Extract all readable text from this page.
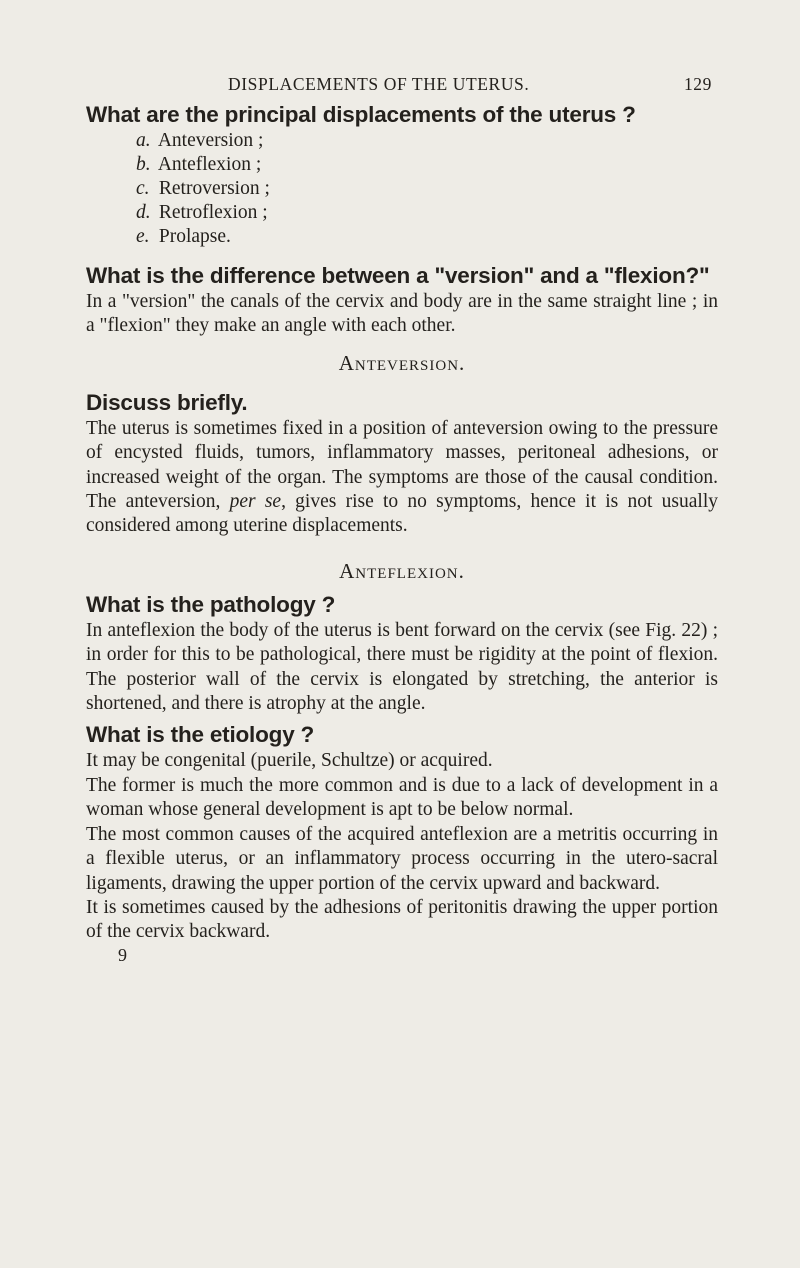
DISPLACEMENTS OF THE UTERUS.	129

What are the principal displacements of the uterus ?

a. Anteversion ;
b. Anteflexion ;
c. Retroversion ;
d. Retroflexion ;
e. Prolapse.

What is the difference between a "version" and a "flexion?"

In a "version" the canals of the cervix and body are in the same straight line ; in a "flexion" they make an angle with each other.

Anteversion.

Discuss briefly.

The uterus is sometimes fixed in a position of anteversion owing to the pressure of encysted fluids, tumors, inflammatory masses, peritoneal adhesions, or increased weight of the organ. The symptoms are those of the causal condition. The anteversion, per se, gives rise to no symptoms, hence it is not usually considered among uterine displacements.

Anteflexion.

What is the pathology ?

In anteflexion the body of the uterus is bent forward on the cervix (see Fig. 22) ; in order for this to be pathological, there must be rigidity at the point of flexion. The posterior wall of the cervix is elongated by stretching, the anterior is shortened, and there is atrophy at the angle.

What is the etiology ?

It may be congenital (puerile, Schultze) or acquired.

The former is much the more common and is due to a lack of development in a woman whose general development is apt to be below normal.

The most common causes of the acquired anteflexion are a metritis occurring in a flexible uterus, or an inflammatory process occurring in the utero-sacral ligaments, drawing the upper portion of the cervix upward and backward.

It is sometimes caused by the adhesions of peritonitis drawing the upper portion of the cervix backward.

9
